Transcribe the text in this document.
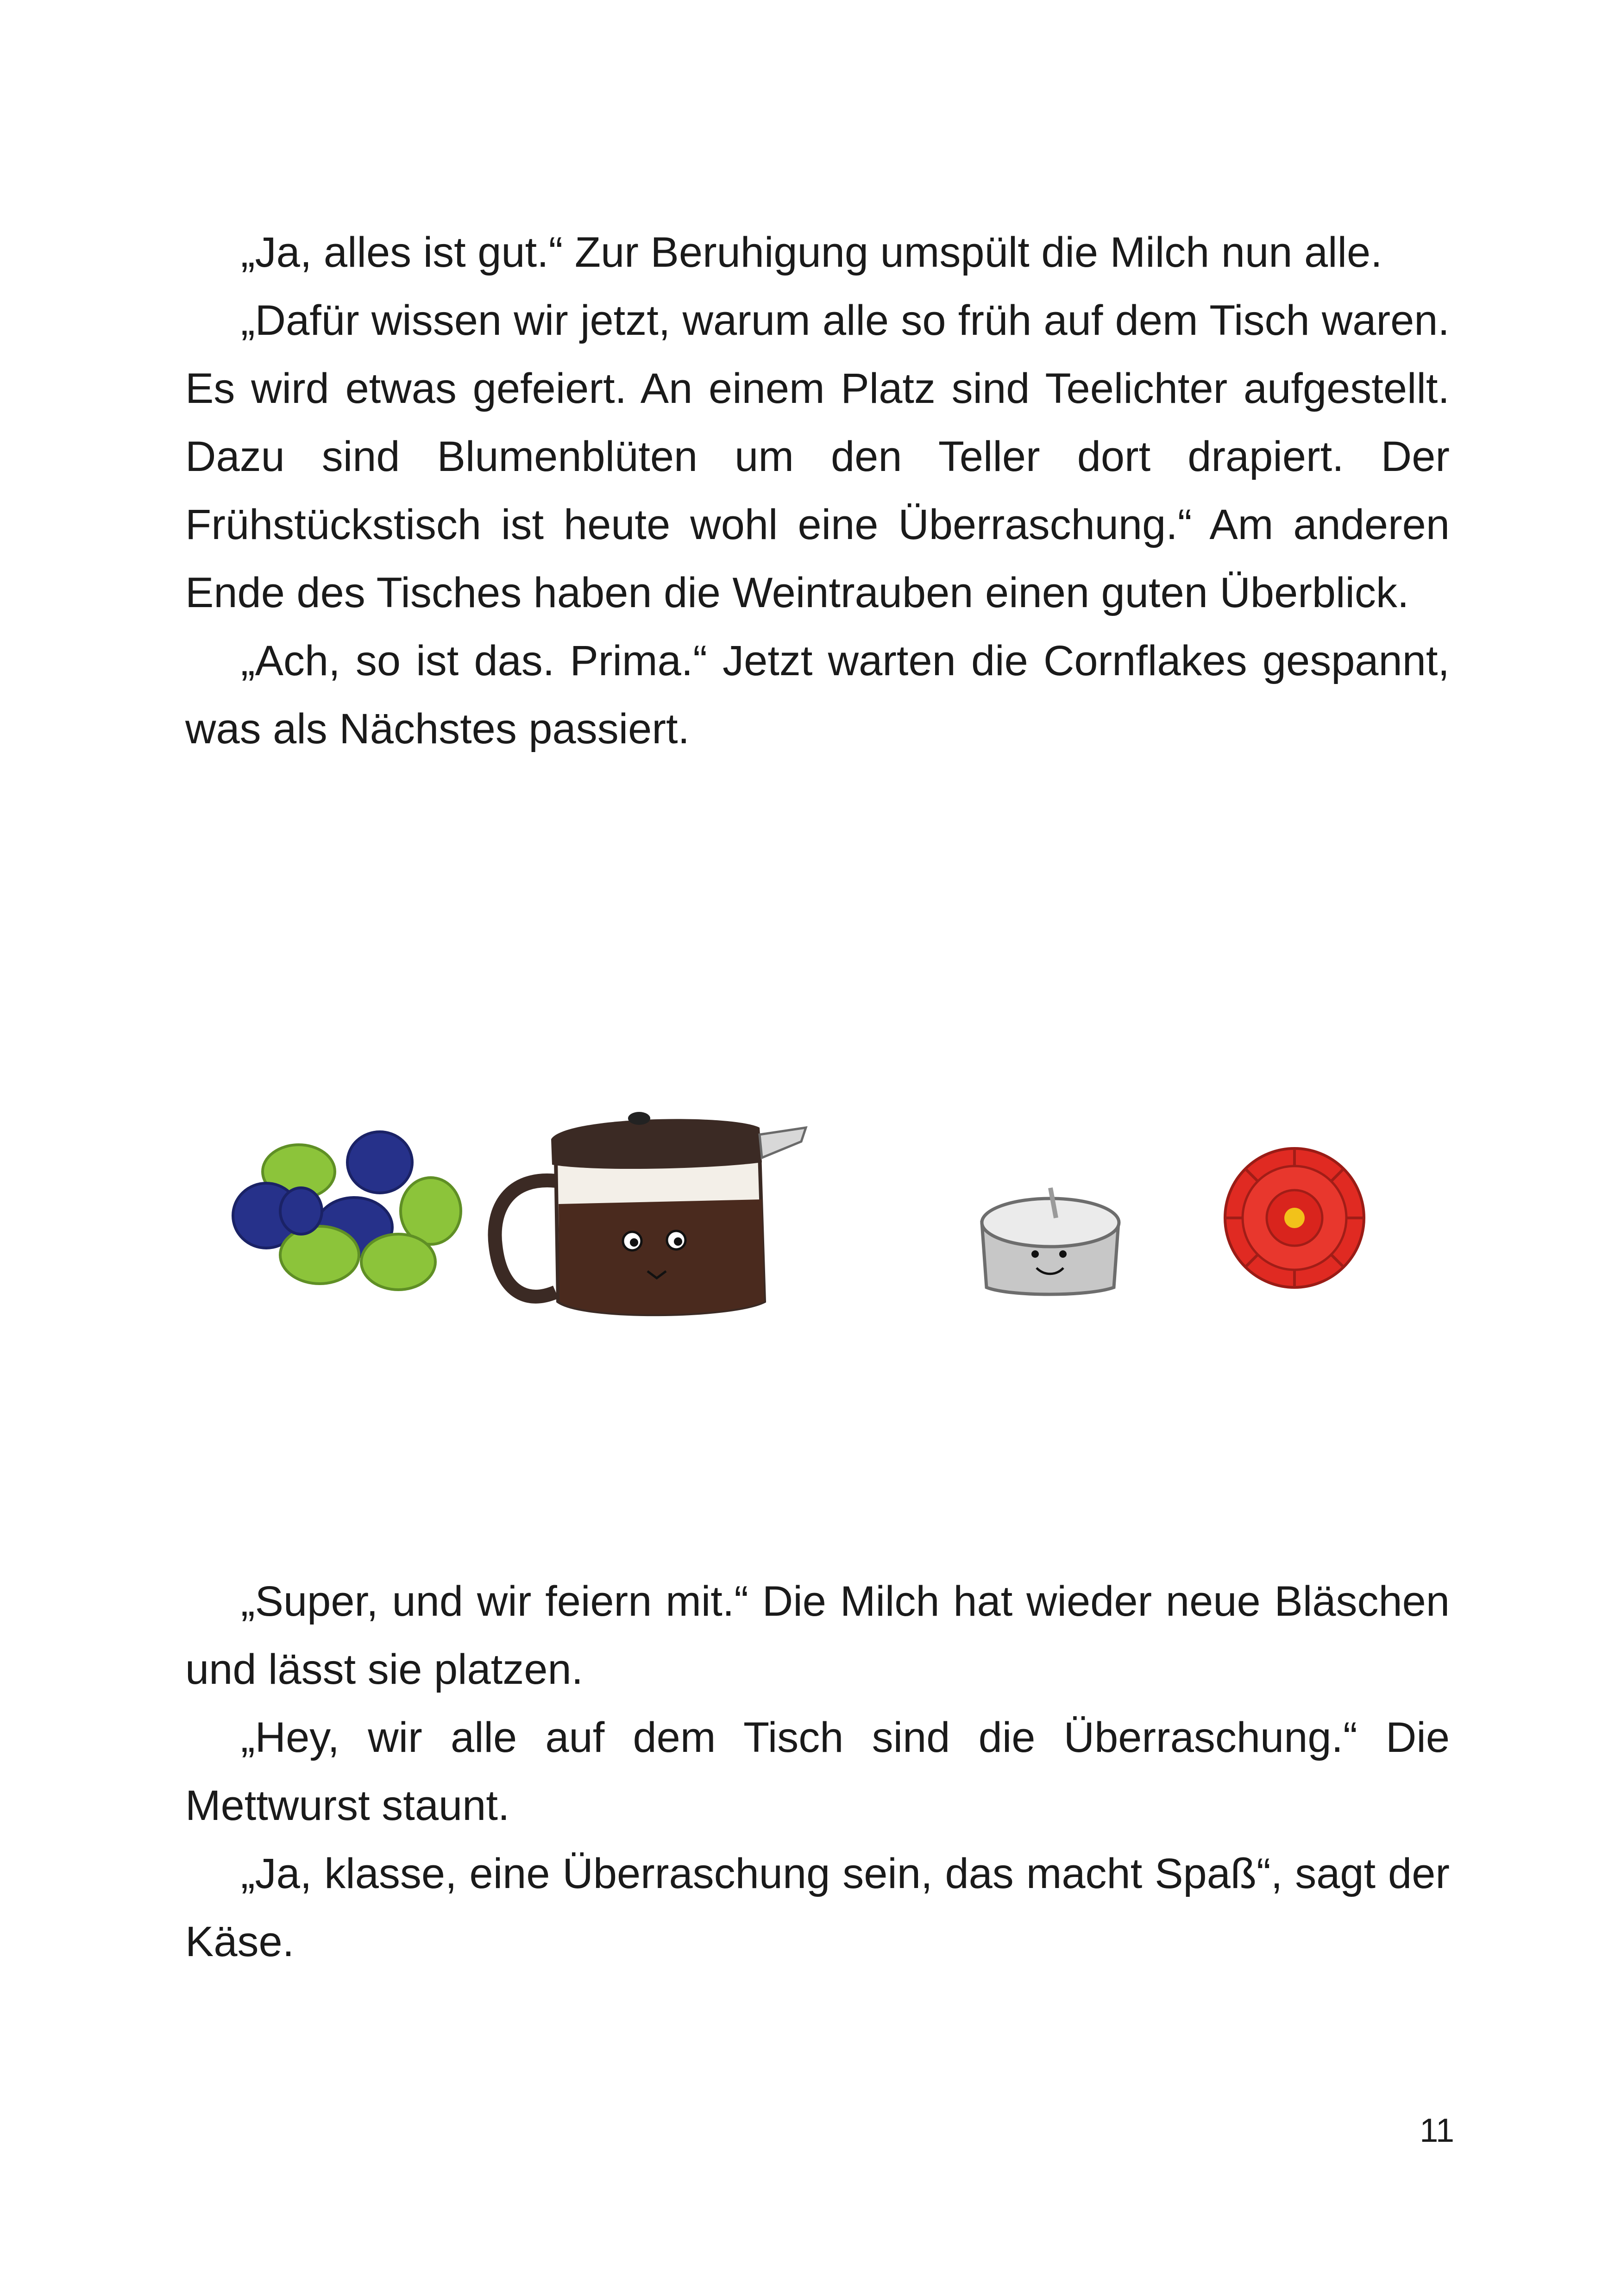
„Ja, alles ist gut.“ Zur Beruhigung umspült die Milch nun alle.

„Dafür wissen wir jetzt, warum alle so früh auf dem Tisch waren. Es wird etwas gefeiert. An einem Platz sind Teelichter aufgestellt. Dazu sind Blumenblüten um den Teller dort drapiert. Der Frühstückstisch ist heute wohl eine Überraschung.“ Am anderen Ende des Tisches haben die Weintrauben einen guten Überblick.

„Ach, so ist das. Prima.“ Jetzt warten die Cornflakes gespannt, was als Nächstes passiert.

„Super, und wir feiern mit.“ Die Milch hat wieder neue Bläschen und lässt sie platzen.

„Hey, wir alle auf dem Tisch sind die Überraschung.“ Die Mettwurst staunt.

„Ja, klasse, eine Überraschung sein, das macht Spaß“, sagt der Käse.

11
